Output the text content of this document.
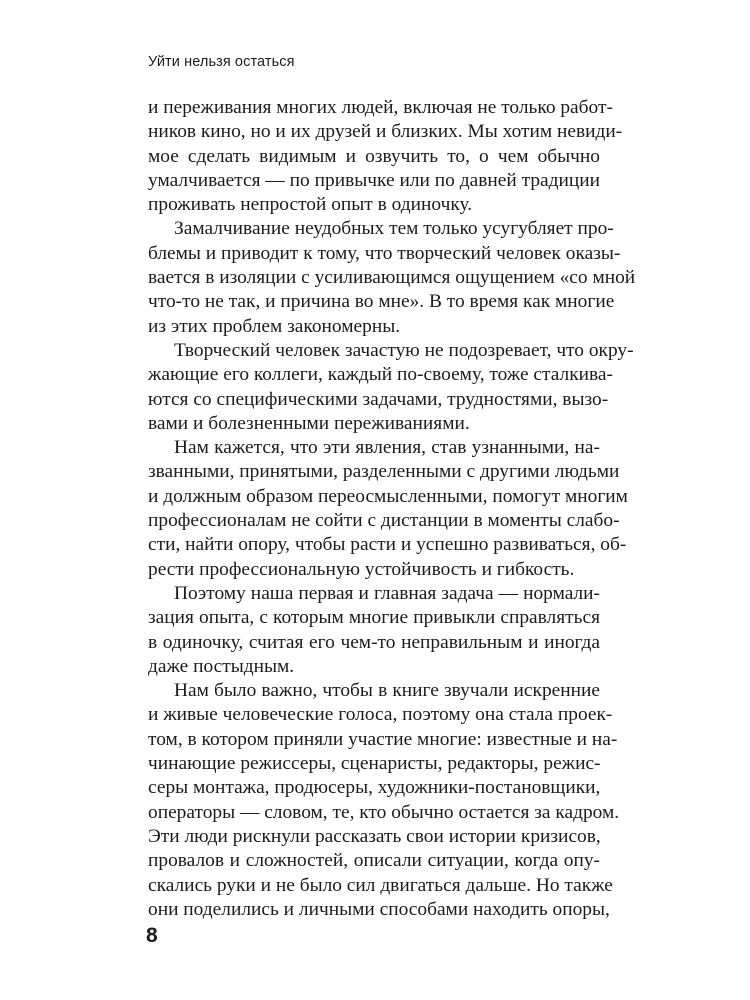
Уйти нельзя остаться
и переживания многих людей, включая не только работ-
ников кино, но и их друзей и близких. Мы хотим невиди-
мое сделать видимым и озвучить то, о чем обычно
умалчивается — по привычке или по давней традиции
проживать непростой опыт в одиночку.
Замалчивание неудобных тем только усугубляет про-
блемы и приводит к тому, что творческий человек оказы-
вается в изоляции с усиливающимся ощущением «со мной
что-то не так, и причина во мне». В то время как многие
из этих проблем закономерны.
Творческий человек зачастую не подозревает, что окру-
жающие его коллеги, каждый по-своему, тоже сталкива-
ются со специфическими задачами, трудностями, вызо-
вами и болезненными переживаниями.
Нам кажется, что эти явления, став узнанными, на-
званными, принятыми, разделенными с другими людьми
и должным образом переосмысленными, помогут многим
профессионалам не сойти с дистанции в моменты слабо-
сти, найти опору, чтобы расти и успешно развиваться, об-
рести профессиональную устойчивость и гибкость.
Поэтому наша первая и главная задача — нормали-
зация опыта, с которым многие привыкли справляться
в одиночку, считая его чем-то неправильным и иногда
даже постыдным.
Нам было важно, чтобы в книге звучали искренние
и живые человеческие голоса, поэтому она стала проек-
том, в котором приняли участие многие: известные и на-
чинающие режиссеры, сценаристы, редакторы, режис-
серы монтажа, продюсеры, художники-постановщики,
операторы — словом, те, кто обычно остается за кадром.
Эти люди рискнули рассказать свои истории кризисов,
провалов и сложностей, описали ситуации, когда опу-
скались руки и не было сил двигаться дальше. Но также
они поделились и личными способами находить опоры,
8
